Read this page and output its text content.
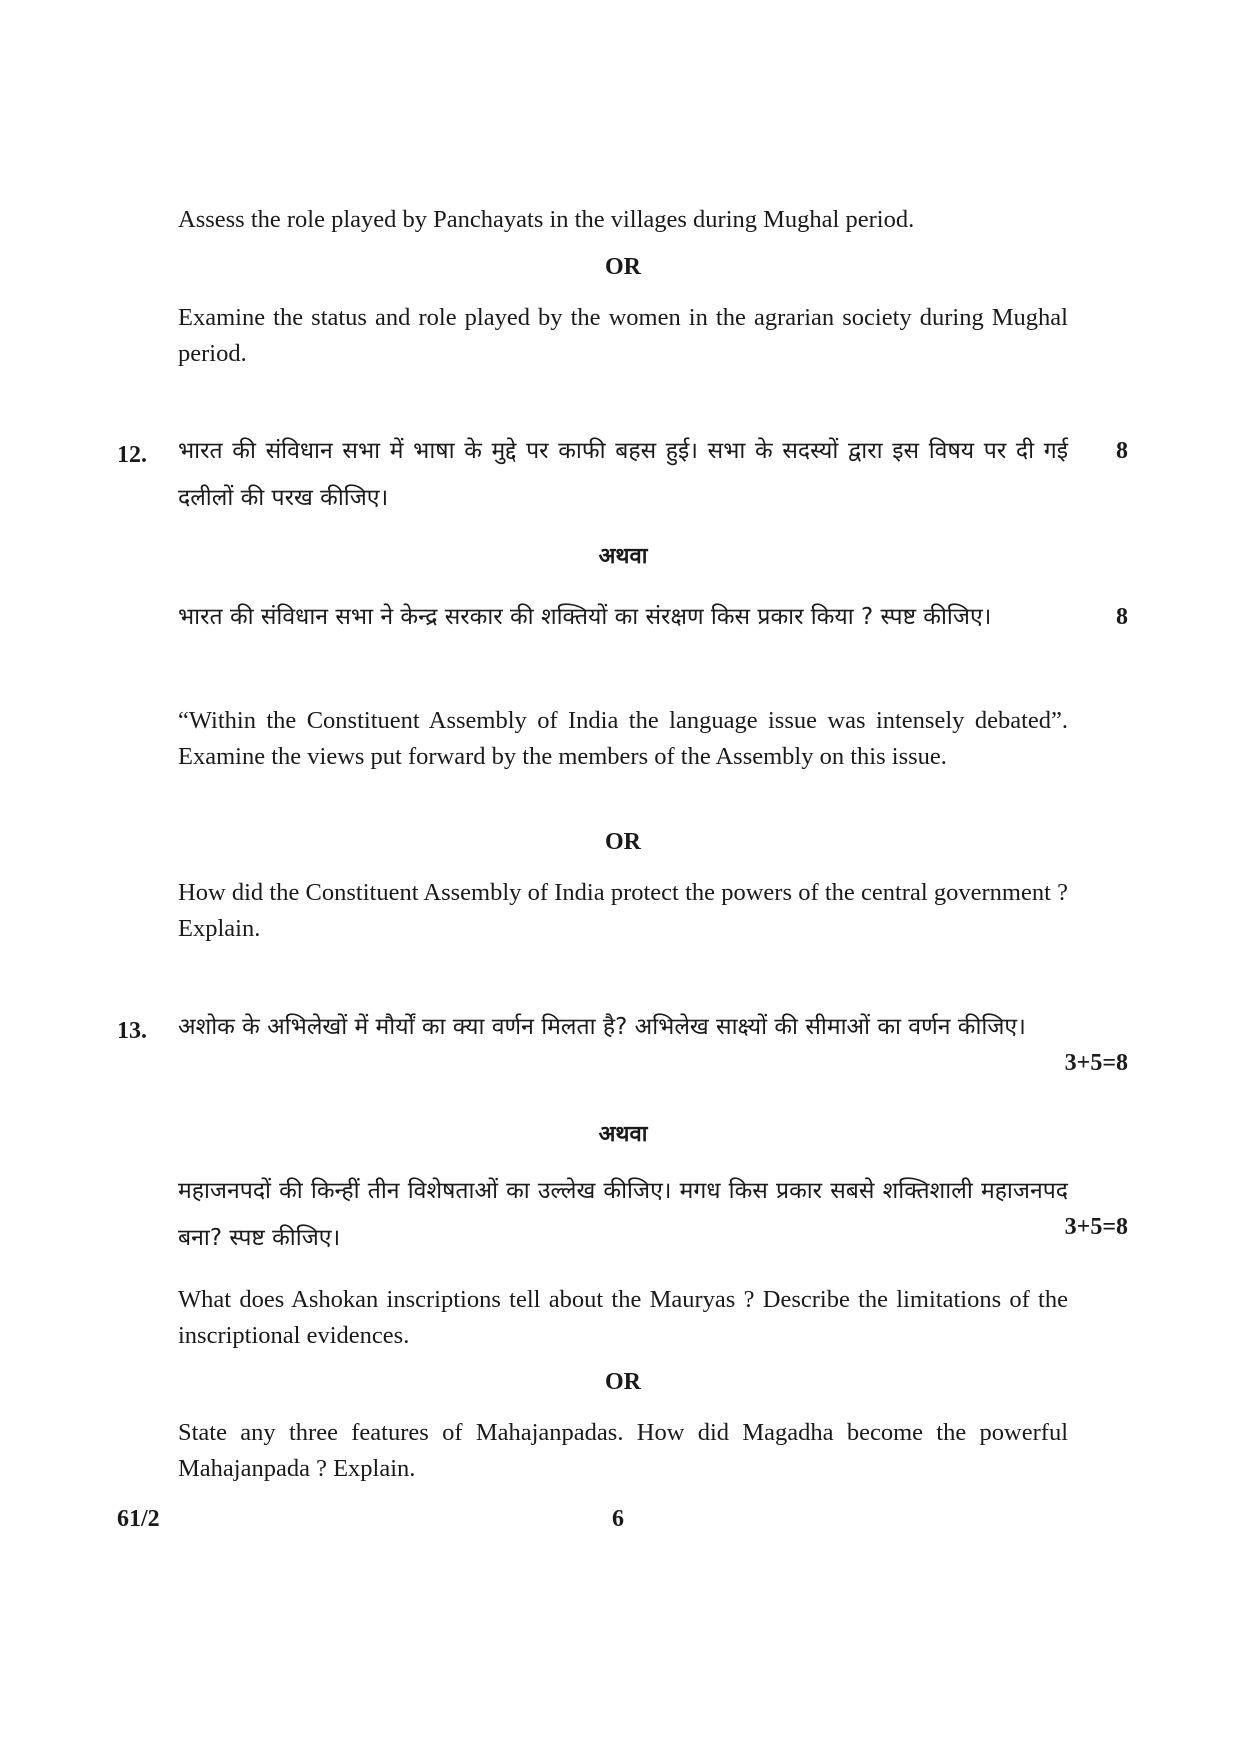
Assess the role played by Panchayats in the villages during Mughal period.
OR
Examine the status and role played by the women in the agrarian society during Mughal period.
12.	8
भारत की संविधान सभा में भाषा के मुद्दे पर काफी बहस हुई। सभा के सदस्यों द्वारा इस विषय पर दी गई दलीलों की परख कीजिए।
अथवा
8
भारत की संविधान सभा ने केन्द्र सरकार की शक्तियों का संरक्षण किस प्रकार किया ? स्पष्ट कीजिए।
“Within the Constituent Assembly of India the language issue was intensely debated”. Examine the views put forward by the members of the Assembly on this issue.
OR
How did the Constituent Assembly of India protect the powers of the central government ? Explain.
13. अशोक के अभिलेखों में मौर्यों का क्या वर्णन मिलता है? अभिलेख साक्ष्यों की सीमाओं का वर्णन कीजिए।
3+5=8
अथवा
महाजनपदों की किन्हीं तीन विशेषताओं का उल्लेख कीजिए। मगध किस प्रकार सबसे शक्तिशाली महाजनपद बना? स्पष्ट कीजिए।	3+5=8
What does Ashokan inscriptions tell about the Mauryas ? Describe the limitations of the inscriptional evidences.
OR
State any three features of Mahajanpadas. How did Magadha become the powerful Mahajanpada ? Explain.
61/2	6
